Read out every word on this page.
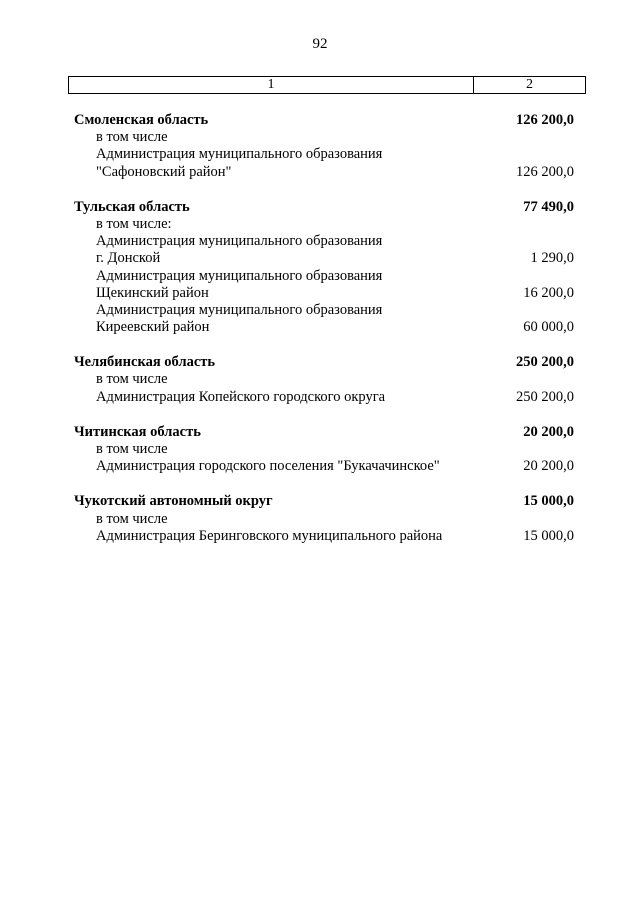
92
1	2
Смоленская область	126 200,0
в том числе
Администрация муниципального образования
"Сафоновский район"	126 200,0
Тульская область	77 490,0
в том числе:
Администрация муниципального образования
г. Донской	1 290,0
Администрация муниципального образования
Щекинский район	16 200,0
Администрация муниципального образования
Киреевский район	60 000,0
Челябинская область	250 200,0
в том числе
Администрация Копейского городского округа	250 200,0
Читинская область	20 200,0
в том числе
Администрация городского поселения "Букачачинское"	20 200,0
Чукотский автономный округ	15 000,0
в том числе
Администрация Беринговского муниципального района	15 000,0
